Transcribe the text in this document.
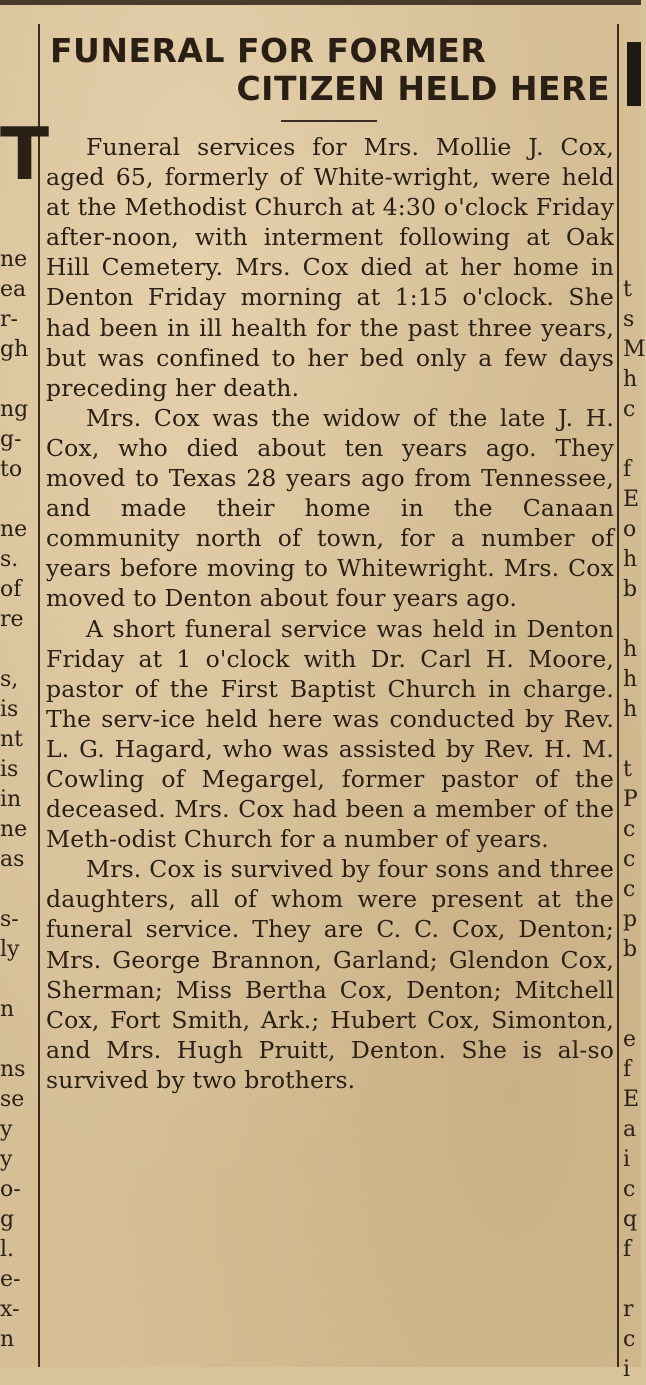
T
ne
ea
r-
gh
ng
g-
to
ne
s.
of
re
s,
is
nt
is
in
ne
as
s-
ly
n
ns
se
y
y
o-
g
l.
e-
x-
n
t
s
M
h
c
f
E
o
h
b
h
h
h
t
P
c
c
c
p
b
e
f
E
a
i
c
q
f
r
c
i
FUNERAL FOR FORMER
CITIZEN HELD HERE

Funeral services for Mrs. Mollie J. Cox, aged 65, formerly of White-wright, were held at the Methodist Church at 4:30 o'clock Friday after-noon, with interment following at Oak Hill Cemetery. Mrs. Cox died at her home in Denton Friday morning at 1:15 o'clock. She had been in ill health for the past three years, but was confined to her bed only a few days preceding her death.

Mrs. Cox was the widow of the late J. H. Cox, who died about ten years ago. They moved to Texas 28 years ago from Tennessee, and made their home in the Canaan community north of town, for a number of years before moving to Whitewright. Mrs. Cox moved to Denton about four years ago.

A short funeral service was held in Denton Friday at 1 o'clock with Dr. Carl H. Moore, pastor of the First Baptist Church in charge. The serv-ice held here was conducted by Rev. L. G. Hagard, who was assisted by Rev. H. M. Cowling of Megargel, former pastor of the deceased. Mrs. Cox had been a member of the Meth-odist Church for a number of years.

Mrs. Cox is survived by four sons and three daughters, all of whom were present at the funeral service. They are C. C. Cox, Denton; Mrs. George Brannon, Garland; Glendon Cox, Sherman; Miss Bertha Cox, Denton; Mitchell Cox, Fort Smith, Ark.; Hubert Cox, Simonton, and Mrs. Hugh Pruitt, Denton. She is al-so survived by two brothers.
